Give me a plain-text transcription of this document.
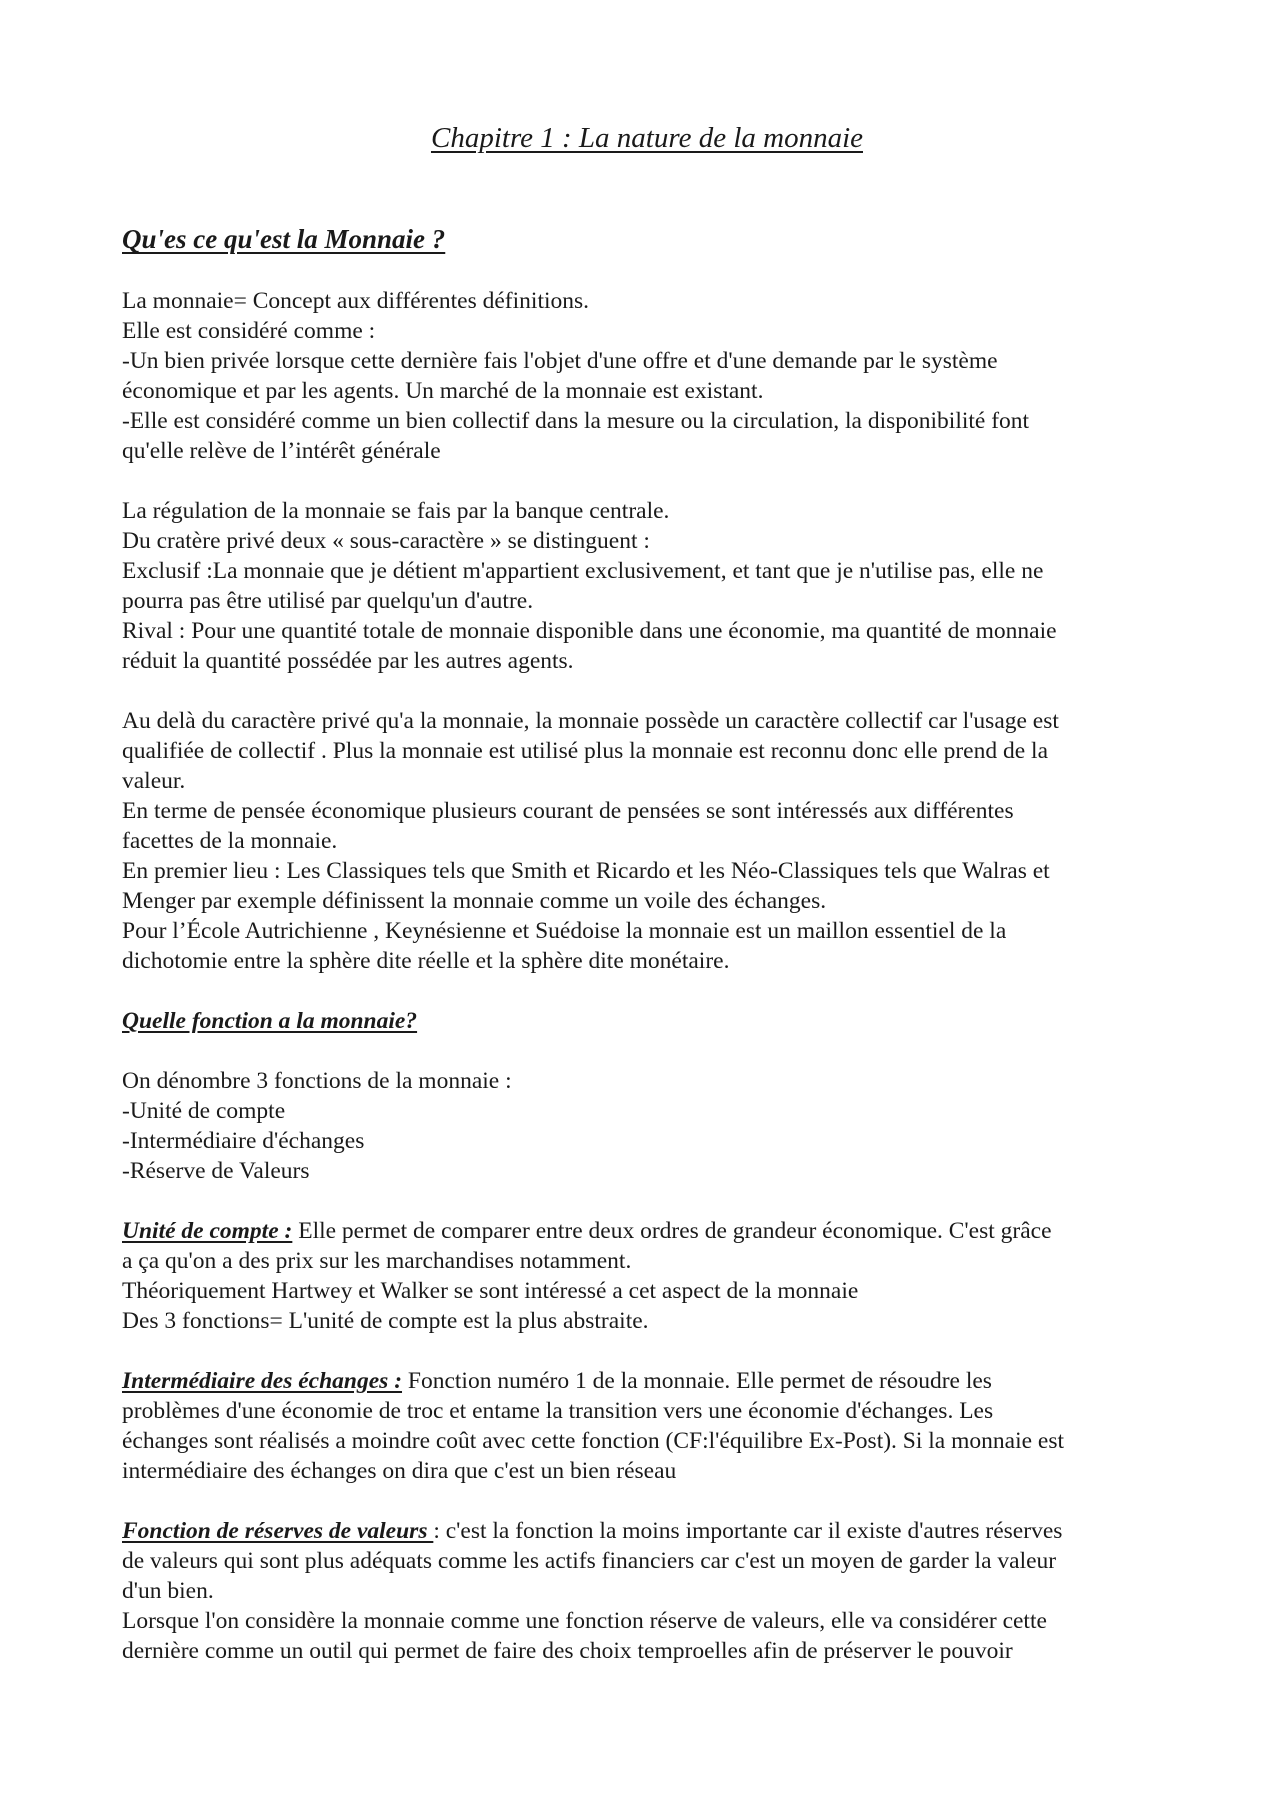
Chapitre 1 : La nature de la monnaie
Qu'es ce qu'est la Monnaie ?
La monnaie= Concept aux différentes définitions.
Elle est considéré comme :
-Un bien privée lorsque cette dernière fais l'objet d'une offre et d'une demande par le système
économique et par les agents. Un marché de la monnaie est existant.
-Elle est considéré comme un bien collectif dans la mesure ou la circulation, la disponibilité font
qu'elle relève de l’intérêt générale
La régulation de la monnaie se fais par la banque centrale.
Du cratère privé deux « sous-caractère » se distinguent :
Exclusif :La monnaie que je détient m'appartient exclusivement, et tant que je n'utilise pas, elle ne
pourra pas être utilisé par quelqu'un d'autre.
Rival : Pour une quantité totale de monnaie disponible dans une économie, ma quantité de monnaie
réduit la quantité possédée par les autres agents.
Au delà du caractère privé qu'a la monnaie, la monnaie possède un caractère collectif car l'usage est
qualifiée de collectif . Plus la monnaie est utilisé plus la monnaie est reconnu donc elle prend de la
valeur.
En terme de pensée économique plusieurs courant de pensées se sont intéressés aux différentes
facettes de la monnaie.
En premier lieu : Les Classiques tels que Smith et Ricardo et les Néo-Classiques tels que Walras et
Menger par exemple définissent la monnaie comme un voile des échanges.
Pour l’École Autrichienne , Keynésienne et Suédoise la monnaie est un maillon essentiel de la
dichotomie entre la sphère dite réelle et la sphère dite monétaire.
Quelle fonction a la monnaie?
On dénombre 3 fonctions de la monnaie :
-Unité de compte
-Intermédiaire d'échanges
-Réserve de Valeurs
Unité de compte : Elle permet de comparer entre deux ordres de grandeur économique. C'est grâce
a ça qu'on a des prix sur les marchandises notamment.
Théoriquement Hartwey et Walker se sont intéressé a cet aspect de la monnaie
Des 3 fonctions= L'unité de compte est la plus abstraite.
Intermédiaire des échanges : Fonction numéro 1 de la monnaie. Elle permet de résoudre les
problèmes d'une économie de troc et entame la transition vers une économie d'échanges. Les
échanges sont réalisés a moindre coût avec cette fonction (CF:l'équilibre Ex-Post). Si la monnaie est
intermédiaire des échanges on dira que c'est un bien réseau
Fonction de réserves de valeurs : c'est la fonction la moins importante car il existe d'autres réserves
de valeurs qui sont plus adéquats comme les actifs financiers car c'est un moyen de garder la valeur
d'un bien.
Lorsque l'on considère la monnaie comme une fonction réserve de valeurs, elle va considérer cette
dernière comme un outil qui permet de faire des choix temproelles afin de préserver le pouvoir
